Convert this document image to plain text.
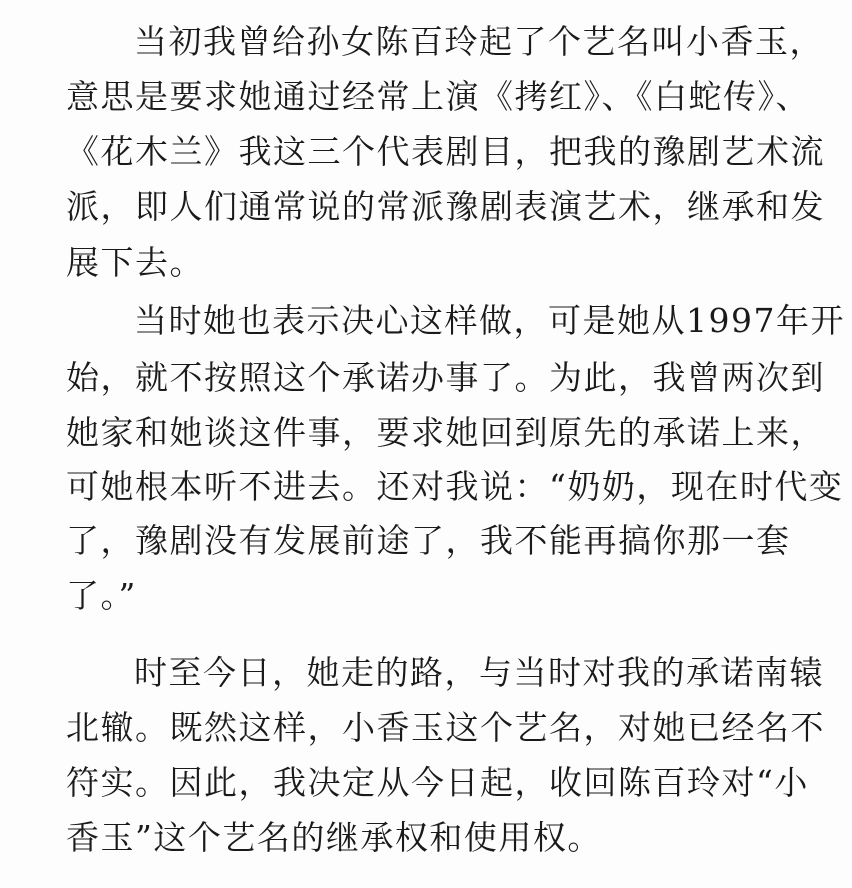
当初我曾给孙女陈百玲起了个艺名叫小香玉，
意思是要求她通过经常上演《拷红》、《白蛇传》、
《花木兰》我这三个代表剧目，把我的豫剧艺术流
派，即人们通常说的常派豫剧表演艺术，继承和发
展下去。
当时她也表示决心这样做，可是她从1997年开
始，就不按照这个承诺办事了。为此，我曾两次到
她家和她谈这件事，要求她回到原先的承诺上来，
可她根本听不进去。还对我说：“奶奶，现在时代变
了，豫剧没有发展前途了，我不能再搞你那一套
了。”
时至今日，她走的路，与当时对我的承诺南辕
北辙。既然这样，小香玉这个艺名，对她已经名不
符实。因此，我决定从今日起，收回陈百玲对“小
香玉”这个艺名的继承权和使用权。
